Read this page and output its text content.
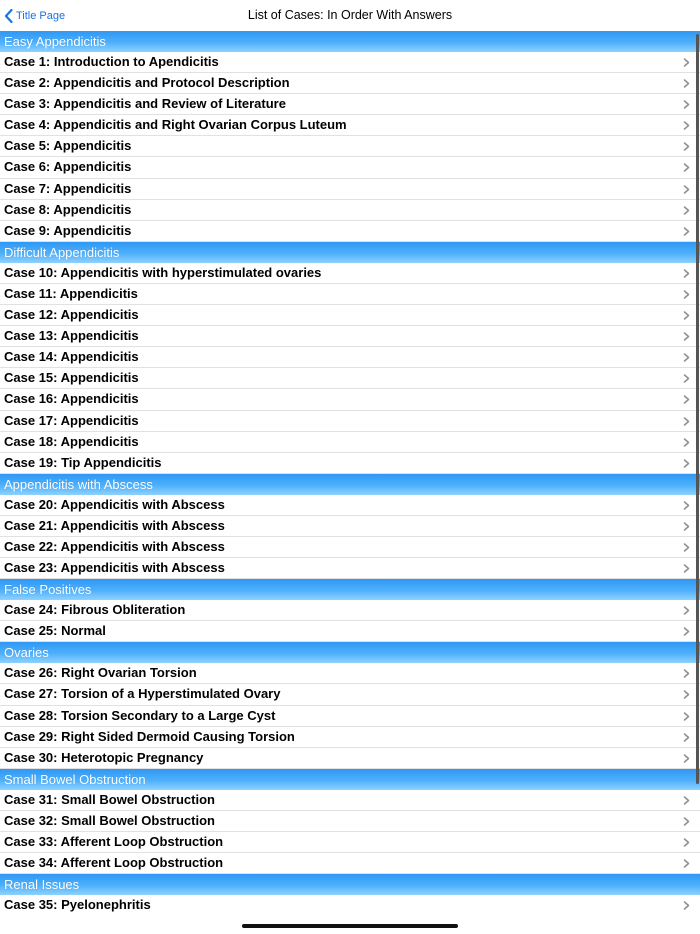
Title Page	List of Cases: In Order With Answers
Easy Appendicitis
Case 1: Introduction to Apendicitis
Case 2: Appendicitis and Protocol Description
Case 3: Appendicitis and Review of Literature
Case 4: Appendicitis and Right Ovarian Corpus Luteum
Case 5: Appendicitis
Case 6: Appendicitis
Case 7: Appendicitis
Case 8: Appendicitis
Case 9: Appendicitis
Difficult Appendicitis
Case 10: Appendicitis with hyperstimulated ovaries
Case 11: Appendicitis
Case 12: Appendicitis
Case 13: Appendicitis
Case 14: Appendicitis
Case 15: Appendicitis
Case 16: Appendicitis
Case 17: Appendicitis
Case 18: Appendicitis
Case 19: Tip Appendicitis
Appendicitis with Abscess
Case 20: Appendicitis with Abscess
Case 21: Appendicitis with Abscess
Case 22: Appendicitis with Abscess
Case 23: Appendicitis with Abscess
False Positives
Case 24: Fibrous Obliteration
Case 25: Normal
Ovaries
Case 26: Right Ovarian Torsion
Case 27: Torsion of a Hyperstimulated Ovary
Case 28: Torsion Secondary to a Large Cyst
Case 29: Right Sided Dermoid Causing Torsion
Case 30: Heterotopic Pregnancy
Small Bowel Obstruction
Case 31: Small Bowel Obstruction
Case 32: Small Bowel Obstruction
Case 33: Afferent Loop Obstruction
Case 34: Afferent Loop Obstruction
Renal Issues
Case 35: Pyelonephritis
